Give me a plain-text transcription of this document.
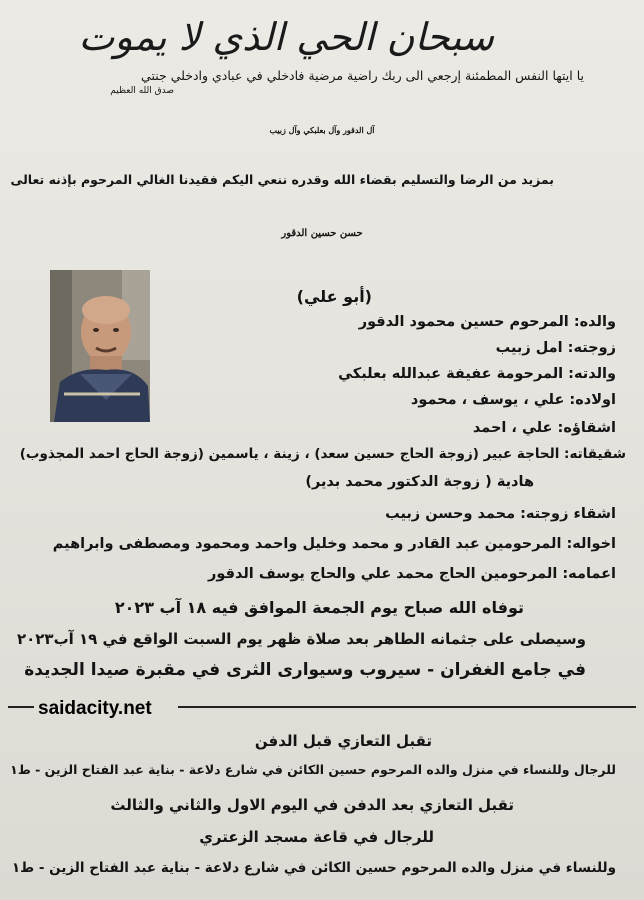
سبحان الحي الذي لا يموت
يا ايتها النفس المطمئنة إرجعي الى ربك راضية مرضية فادخلي في عبادي وادخلي جنتي
صدق الله العظيم
آل الدقور وآل بعلبكي وآل زبيب
بمزيد من الرضا والتسليم بقضاء الله وقدره ننعي اليكم فقيدنا الغالي المرحوم بإذنه تعالى
حسن حسين الدقور
(أبو علي)
والده: المرحوم حسين محمود الدقور
زوجته: امل زبيب
والدته: المرحومة عفيفة عبدالله بعلبكي
اولاده: علي ، يوسف ، محمود
اشقاؤه: علي ، احمد
شقيقاته: الحاجة عبير (زوجة الحاج حسين سعد) ، زينة ، ياسمين (زوجة الحاج احمد المجذوب)
هادية ( زوجة الدكتور محمد بدير)
اشقاء زوجته: محمد وحسن زبيب
اخواله: المرحومين عبد القادر و محمد وخليل واحمد ومحمود ومصطفى وابراهيم
اعمامه: المرحومين الحاج محمد علي والحاج يوسف الدقور
توفاه الله صباح يوم الجمعة الموافق فيه ١٨ آب ٢٠٢٣
وسيصلى على جثمانه الطاهر بعد صلاة ظهر يوم السبت الواقع في ١٩ آب٢٠٢٣
في جامع الغفران - سيروب وسيوارى الثرى في مقبرة صيدا الجديدة
saidacity.net
تقبل التعازي قبل الدفن
للرجال وللنساء في منزل والده المرحوم حسين الكائن في شارع دلاعة - بناية عبد الفتاح الزين - ط١
تقبل التعازي بعد الدفن في اليوم الاول والثاني والثالث
للرجال في قاعة مسجد الزعتري
وللنساء في منزل والده المرحوم حسين الكائن في شارع دلاعة - بناية عبد الفتاح الزين - ط١
